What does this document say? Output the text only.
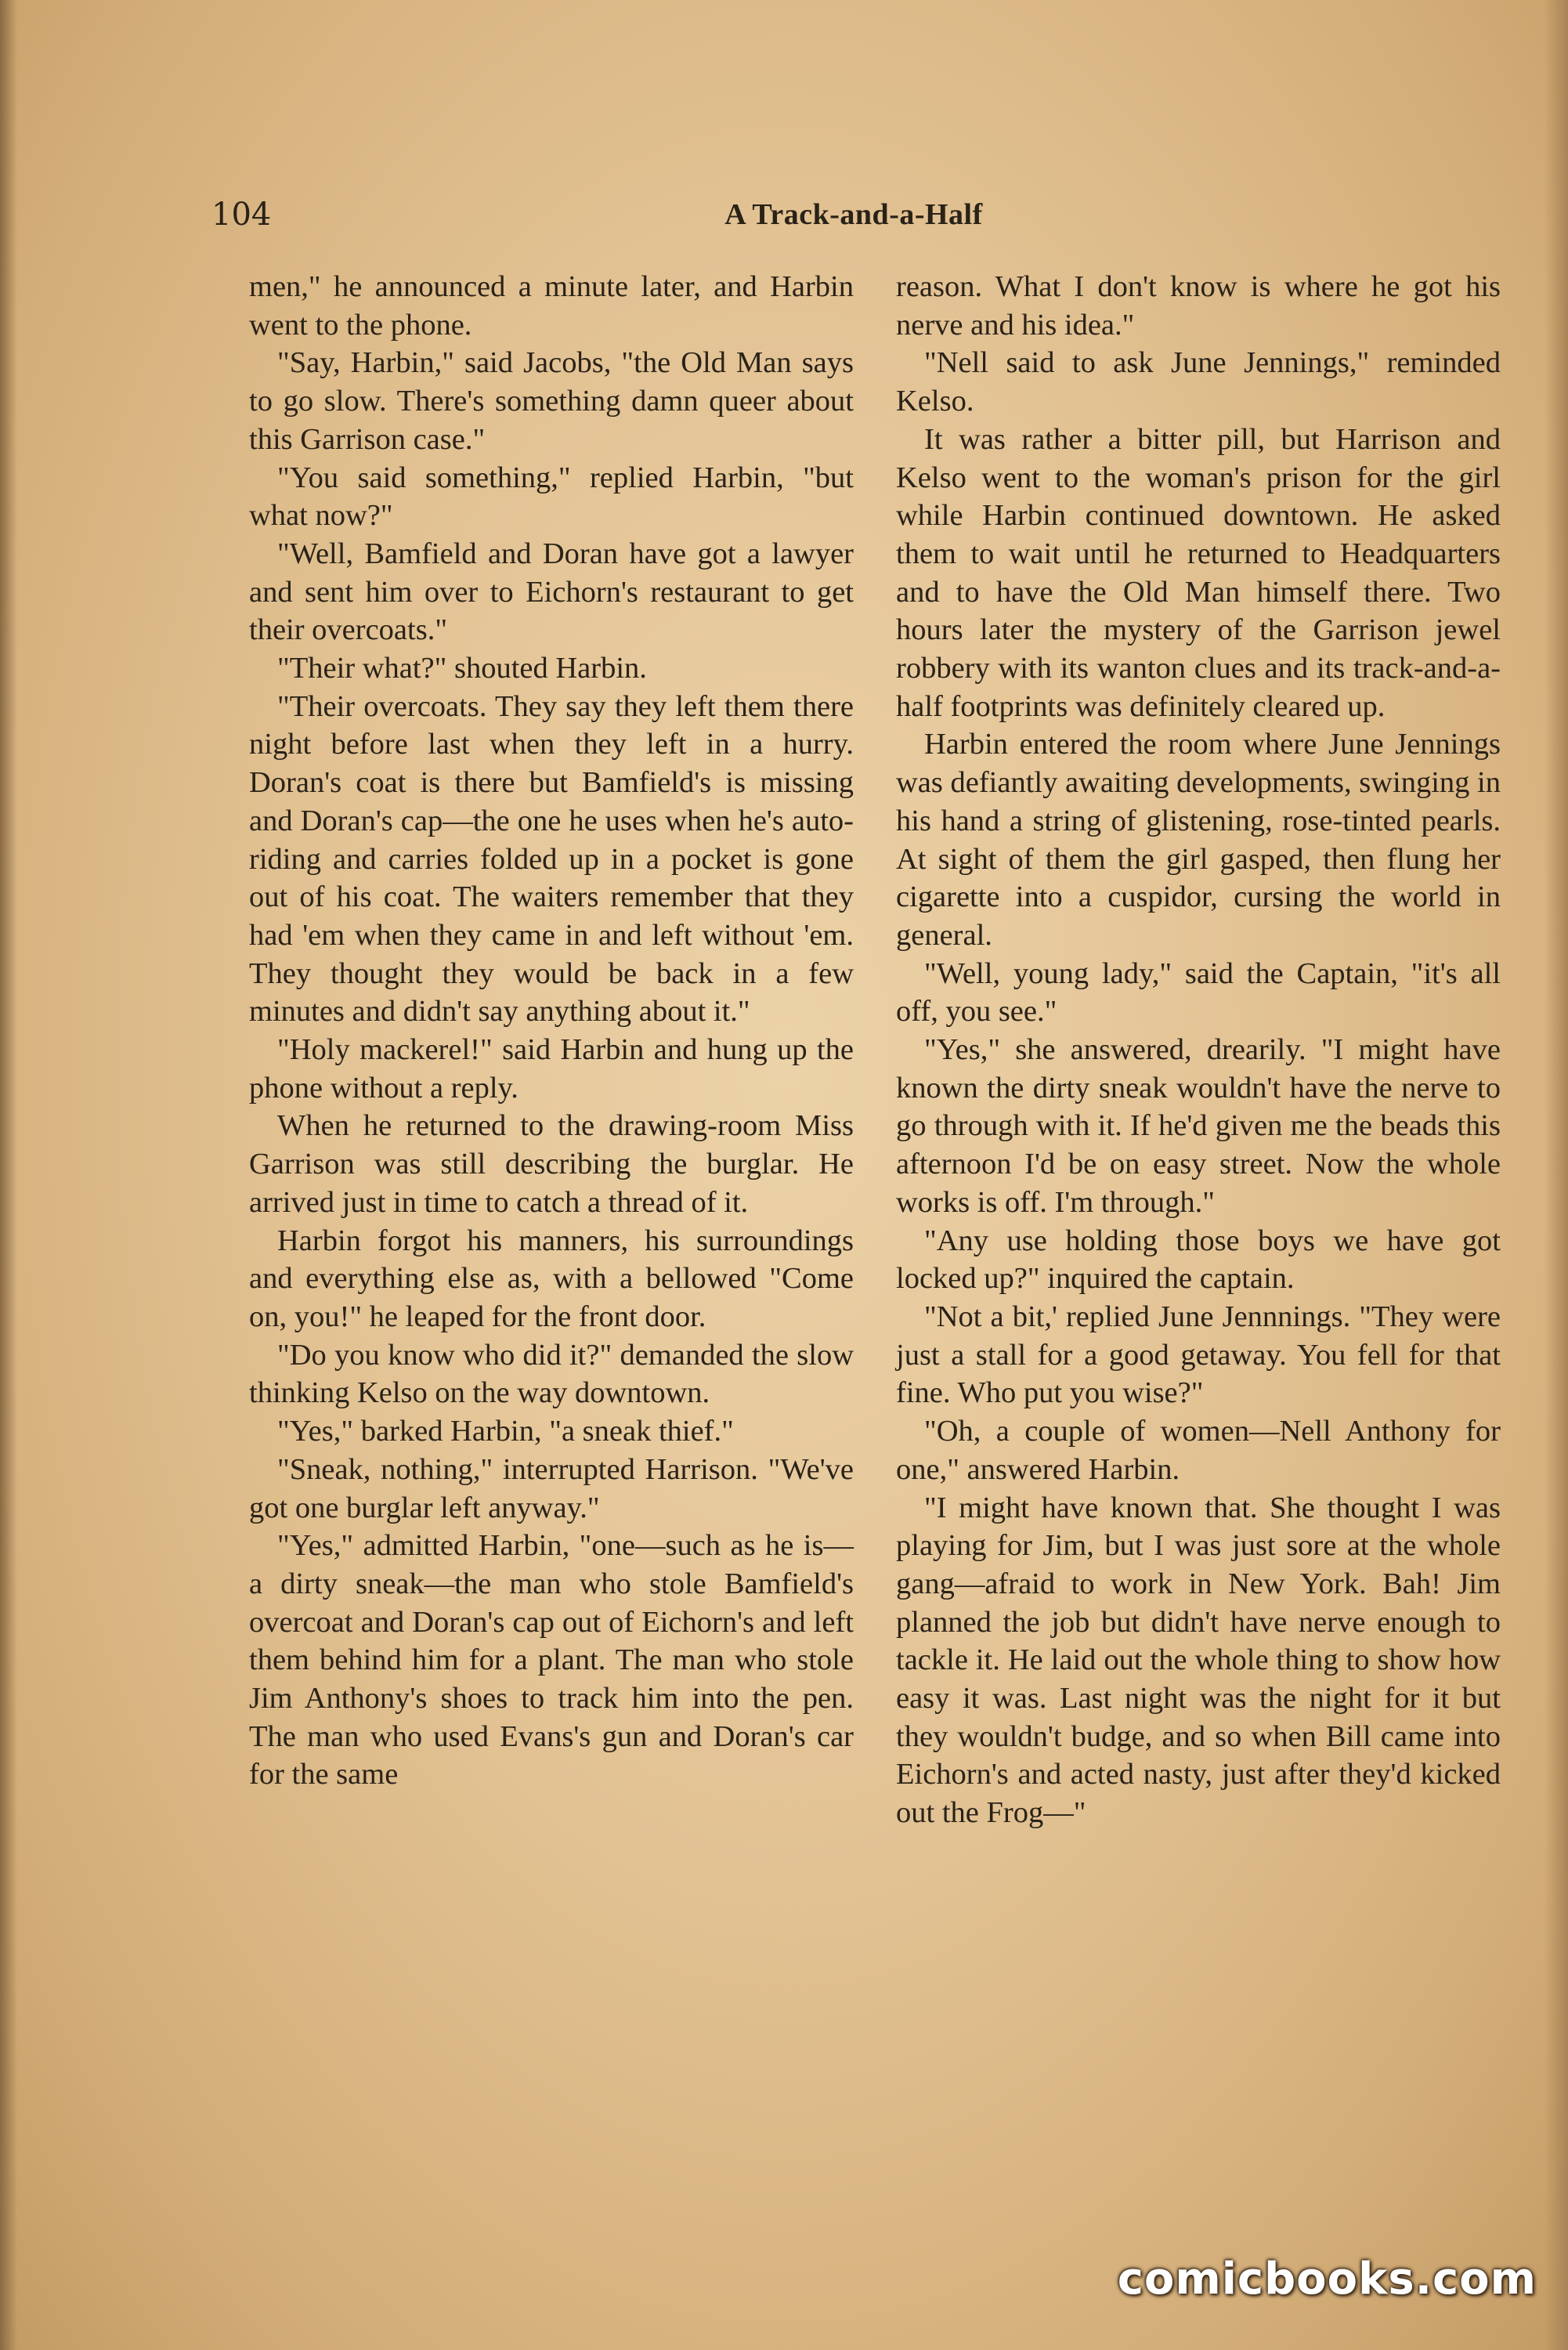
104	A Track-and-a-Half

men," he announced a minute later, and Harbin went to the phone.

"Say, Harbin," said Jacobs, "the Old Man says to go slow. There's something damn queer about this Garrison case."

"You said something," replied Harbin, "but what now?"

"Well, Bamfield and Doran have got a lawyer and sent him over to Eichorn's restaurant to get their overcoats."

"Their what?" shouted Harbin.

"Their overcoats. They say they left them there night before last when they left in a hurry. Doran's coat is there but Bamfield's is missing and Doran's cap—the one he uses when he's auto-riding and carries folded up in a pocket is gone out of his coat. The waiters remember that they had 'em when they came in and left without 'em. They thought they would be back in a few minutes and didn't say anything about it."

"Holy mackerel!" said Harbin and hung up the phone without a reply.

When he returned to the drawing-room Miss Garrison was still describing the burglar. He arrived just in time to catch a thread of it.

Harbin forgot his manners, his surroundings and everything else as, with a bellowed "Come on, you!" he leaped for the front door.

"Do you know who did it?" demanded the slow thinking Kelso on the way downtown.

"Yes," barked Harbin, "a sneak thief."

"Sneak, nothing," interrupted Harrison. "We've got one burglar left anyway."

"Yes," admitted Harbin, "one—such as he is—a dirty sneak—the man who stole Bamfield's overcoat and Doran's cap out of Eichorn's and left them behind him for a plant. The man who stole Jim Anthony's shoes to track him into the pen. The man who used Evans's gun and Doran's car for the same

reason. What I don't know is where he got his nerve and his idea."

"Nell said to ask June Jennings," reminded Kelso.

It was rather a bitter pill, but Harrison and Kelso went to the woman's prison for the girl while Harbin continued downtown. He asked them to wait until he returned to Headquarters and to have the Old Man himself there. Two hours later the mystery of the Garrison jewel robbery with its wanton clues and its track-and-a-half footprints was definitely cleared up.

Harbin entered the room where June Jennings was defiantly awaiting developments, swinging in his hand a string of glistening, rose-tinted pearls. At sight of them the girl gasped, then flung her cigarette into a cuspidor, cursing the world in general.

"Well, young lady," said the Captain, "it's all off, you see."

"Yes," she answered, drearily. "I might have known the dirty sneak wouldn't have the nerve to go through with it. If he'd given me the beads this afternoon I'd be on easy street. Now the whole works is off. I'm through."

"Any use holding those boys we have got locked up?" inquired the captain.

"Not a bit,' replied June Jennnings. "They were just a stall for a good getaway. You fell for that fine. Who put you wise?"

"Oh, a couple of women—Nell Anthony for one," answered Harbin.

"I might have known that. She thought I was playing for Jim, but I was just sore at the whole gang—afraid to work in New York. Bah! Jim planned the job but didn't have nerve enough to tackle it. He laid out the whole thing to show how easy it was. Last night was the night for it but they wouldn't budge, and so when Bill came into Eichorn's and acted nasty, just after they'd kicked out the Frog—"

comicbooks.com
